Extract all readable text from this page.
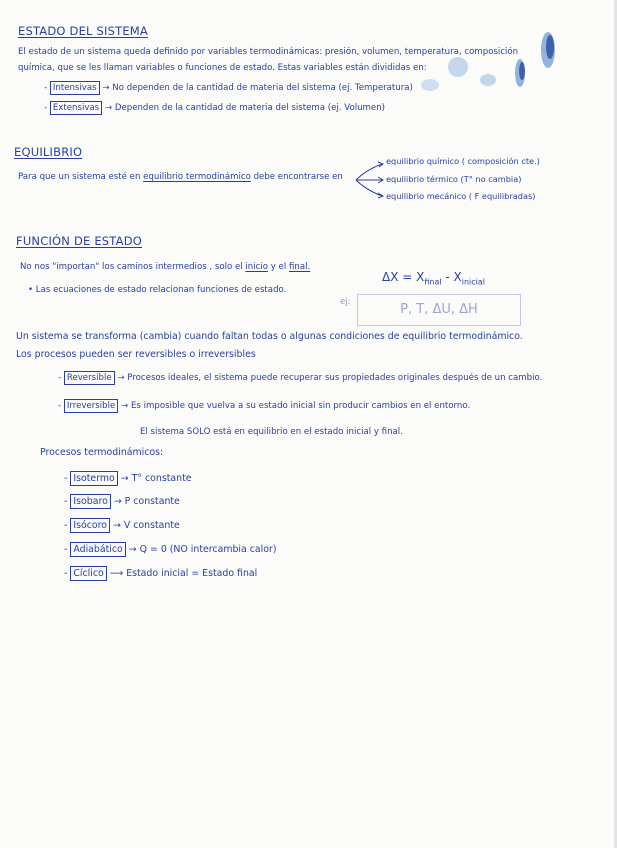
ESTADO DEL SISTEMA
El estado de un sistema queda definido por variables termodinámicas: presión, volumen, temperatura, composición
química, que se les llaman variables o funciones de estado. Estas variables están divididas en:
- Intensivas → No dependen de la cantidad de materia del sistema (ej. Temperatura)
- Extensivas → Dependen de la cantidad de materia del sistema (ej. Volumen)
EQUILIBRIO
Para que un sistema esté en equilibrio termodinámico debe encontrarse en
equilibrio químico ( composición cte.)
equilibrio térmico (T° no cambia)
equilibrio mecánico ( F equilibradas)
FUNCIÓN DE ESTADO
No nos "importan" los caminos intermedios , solo el inicio y el final.
• Las ecuaciones de estado relacionan funciones de estado.
$\Delta X = X_{final} - X_{inicial}$
ej:	P, T, ΔU, ΔH
Un sistema se transforma (cambia) cuando faltan todas o algunas condiciones de equilibrio termodinámico.
Los procesos pueden ser reversibles o irreversibles
- Reversible → Procesos ideales, el sistema puede recuperar sus propiedades originales después de un cambio.
- Irreversible → Es imposible que vuelva a su estado inicial sin producir cambios en el entorno.
El sistema SOLO está en equilibrio en el estado inicial y final.
Procesos termodinámicos:
- Isotermo → T° constante
- Isobaro → P constante
- Isócoro → V constante
- Adiabático → Q = 0 (NO intercambia calor)
- Cíclico ⟶ Estado inicial = Estado final
